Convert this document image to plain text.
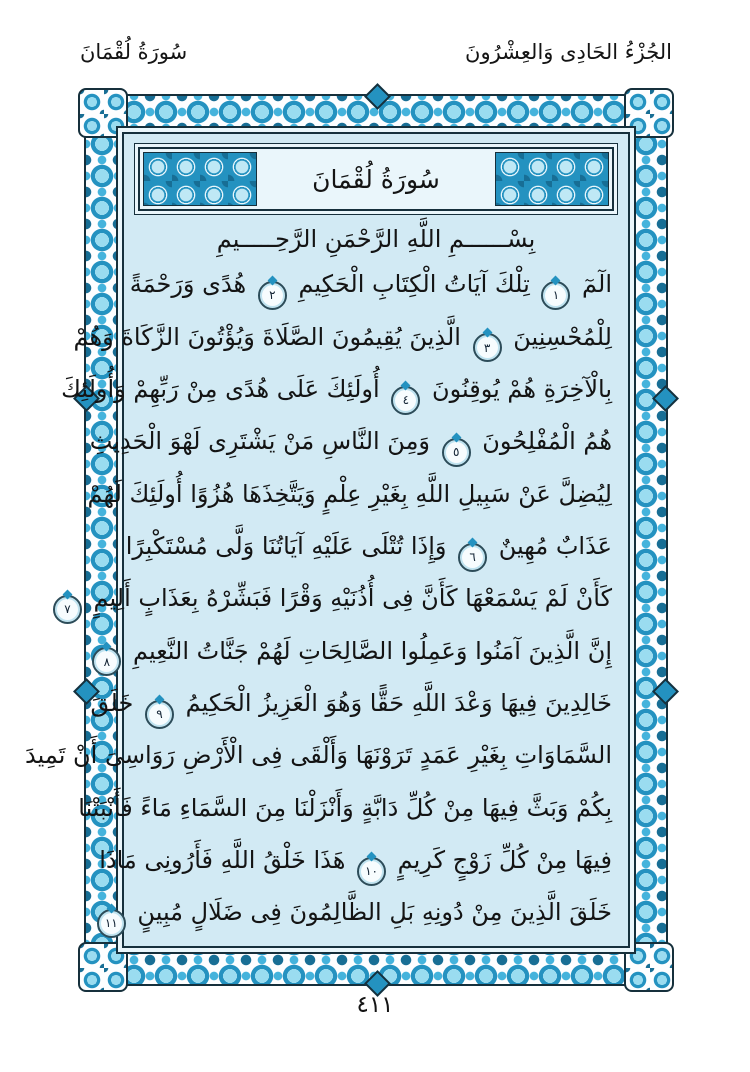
الجُزْءُ الحَادِى وَالعِشْرُونَ
سُورَةُ لُقْمَانَ
سُورَةُ لُقْمَانَ
بِسْــــــمِ اللَّهِ الرَّحْمَنِ الرَّحِـــــيمِ
الٓمٓ ١ تِلْكَ آيَاتُ الْكِتَابِ الْحَكِيمِ ٢ هُدًى وَرَحْمَةً
لِلْمُحْسِنِينَ ٣ الَّذِينَ يُقِيمُونَ الصَّلَاةَ وَيُؤْتُونَ الزَّكَاةَ وَهُمْ
بِالْآخِرَةِ هُمْ يُوقِنُونَ ٤ أُولَئِكَ عَلَى هُدًى مِنْ رَبِّهِمْ وَأُولَئِكَ
هُمُ الْمُفْلِحُونَ ٥ وَمِنَ النَّاسِ مَنْ يَشْتَرِى لَهْوَ الْحَدِيثِ
لِيُضِلَّ عَنْ سَبِيلِ اللَّهِ بِغَيْرِ عِلْمٍ وَيَتَّخِذَهَا هُزُوًا أُولَئِكَ لَهُمْ
عَذَابٌ مُهِينٌ ٦ وَإِذَا تُتْلَى عَلَيْهِ آيَاتُنَا وَلَّى مُسْتَكْبِرًا
كَأَنْ لَمْ يَسْمَعْهَا كَأَنَّ فِى أُذُنَيْهِ وَقْرًا فَبَشِّرْهُ بِعَذَابٍ أَلِيمٍ ٧
إِنَّ الَّذِينَ آمَنُوا وَعَمِلُوا الصَّالِحَاتِ لَهُمْ جَنَّاتُ النَّعِيمِ ٨
خَالِدِينَ فِيهَا وَعْدَ اللَّهِ حَقًّا وَهُوَ الْعَزِيزُ الْحَكِيمُ ٩ خَلَقَ
السَّمَاوَاتِ بِغَيْرِ عَمَدٍ تَرَوْنَهَا وَأَلْقَى فِى الْأَرْضِ رَوَاسِىَ أَنْ تَمِيدَ
بِكُمْ وَبَثَّ فِيهَا مِنْ كُلِّ دَابَّةٍ وَأَنْزَلْنَا مِنَ السَّمَاءِ مَاءً فَأَنْبَتْنَا
فِيهَا مِنْ كُلِّ زَوْجٍ كَرِيمٍ ١٠ هَذَا خَلْقُ اللَّهِ فَأَرُونِى مَاذَا
خَلَقَ الَّذِينَ مِنْ دُونِهِ بَلِ الظَّالِمُونَ فِى ضَلَالٍ مُبِينٍ ١١
٤١١
